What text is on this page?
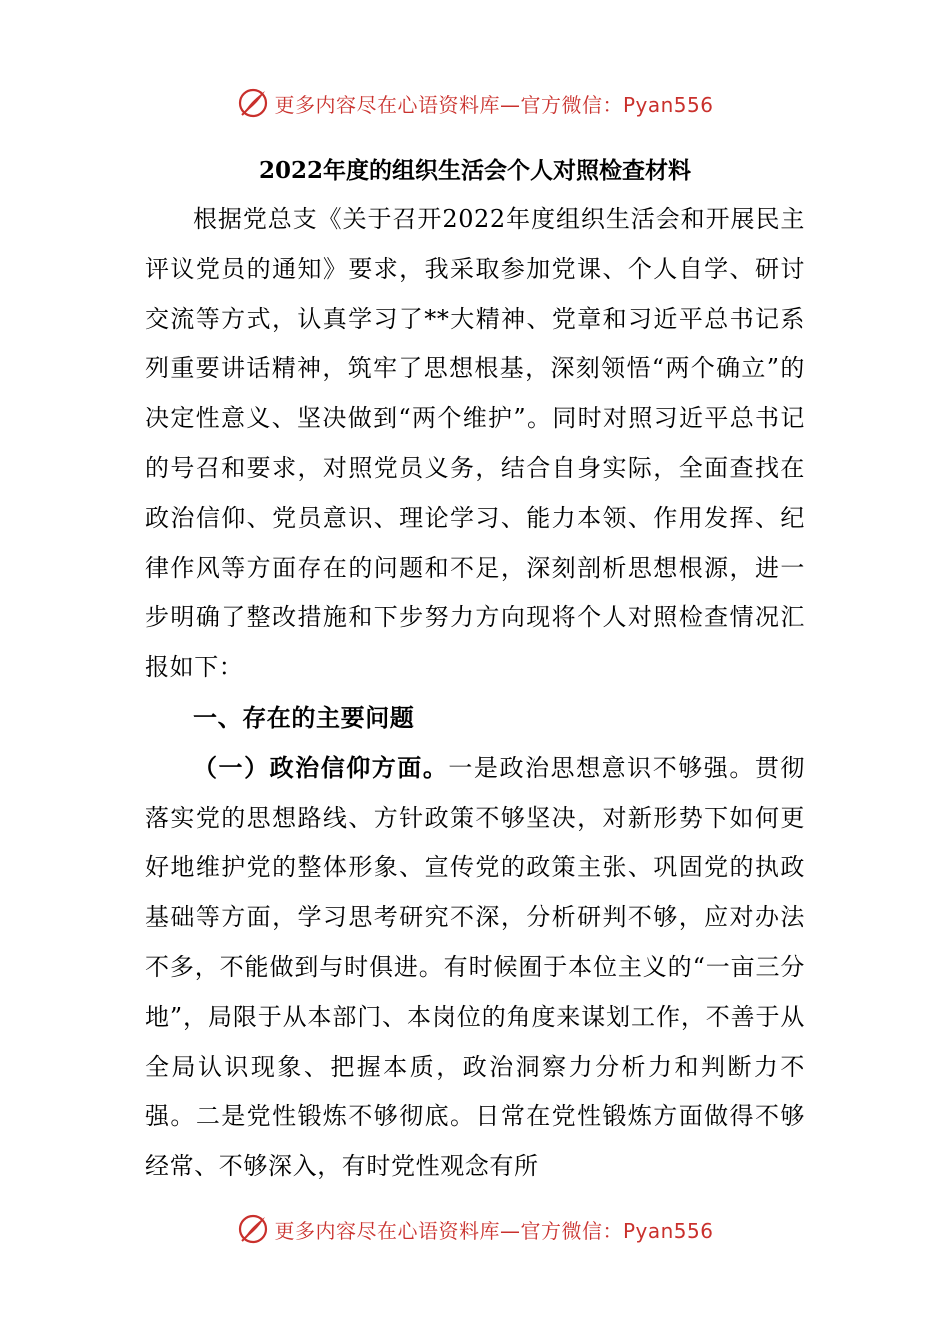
更多内容尽在心语资料库 —官方微信：Pyan556
2022年度的组织生活会个人对照检查材料

根据党总支《关于召开2022年度组织生活会和开展民主评议党员的通知》要求，我采取参加党课、个人自学、研讨交流等方式，认真学习了**大精神、党章和习近平总书记系列重要讲话精神，筑牢了思想根基，深刻领悟“两个确立”的决定性意义、坚决做到“两个维护”。同时对照习近平总书记的号召和要求，对照党员义务，结合自身实际，全面查找在政治信仰、党员意识、理论学习、能力本领、作用发挥、纪律作风等方面存在的问题和不足，深刻剖析思想根源，进一步明确了整改措施和下步努力方向现将个人对照检查情况汇报如下：

一、存在的主要问题

（一）政治信仰方面。一是政治思想意识不够强。贯彻落实党的思想路线、方针政策不够坚决，对新形势下如何更好地维护党的整体形象、宣传党的政策主张、巩固党的执政基础等方面，学习思考研究不深，分析研判不够，应对办法不多，不能做到与时俱进。有时候囿于本位主义的“一亩三分地”，局限于从本部门、本岗位的角度来谋划工作，不善于从全局认识现象、把握本质，政治洞察力分析力和判断力不强。二是党性锻炼不够彻底。日常在党性锻炼方面做得不够经常、不够深入，有时党性观念有所

更多内容尽在心语资料库 —官方微信：Pyan556
